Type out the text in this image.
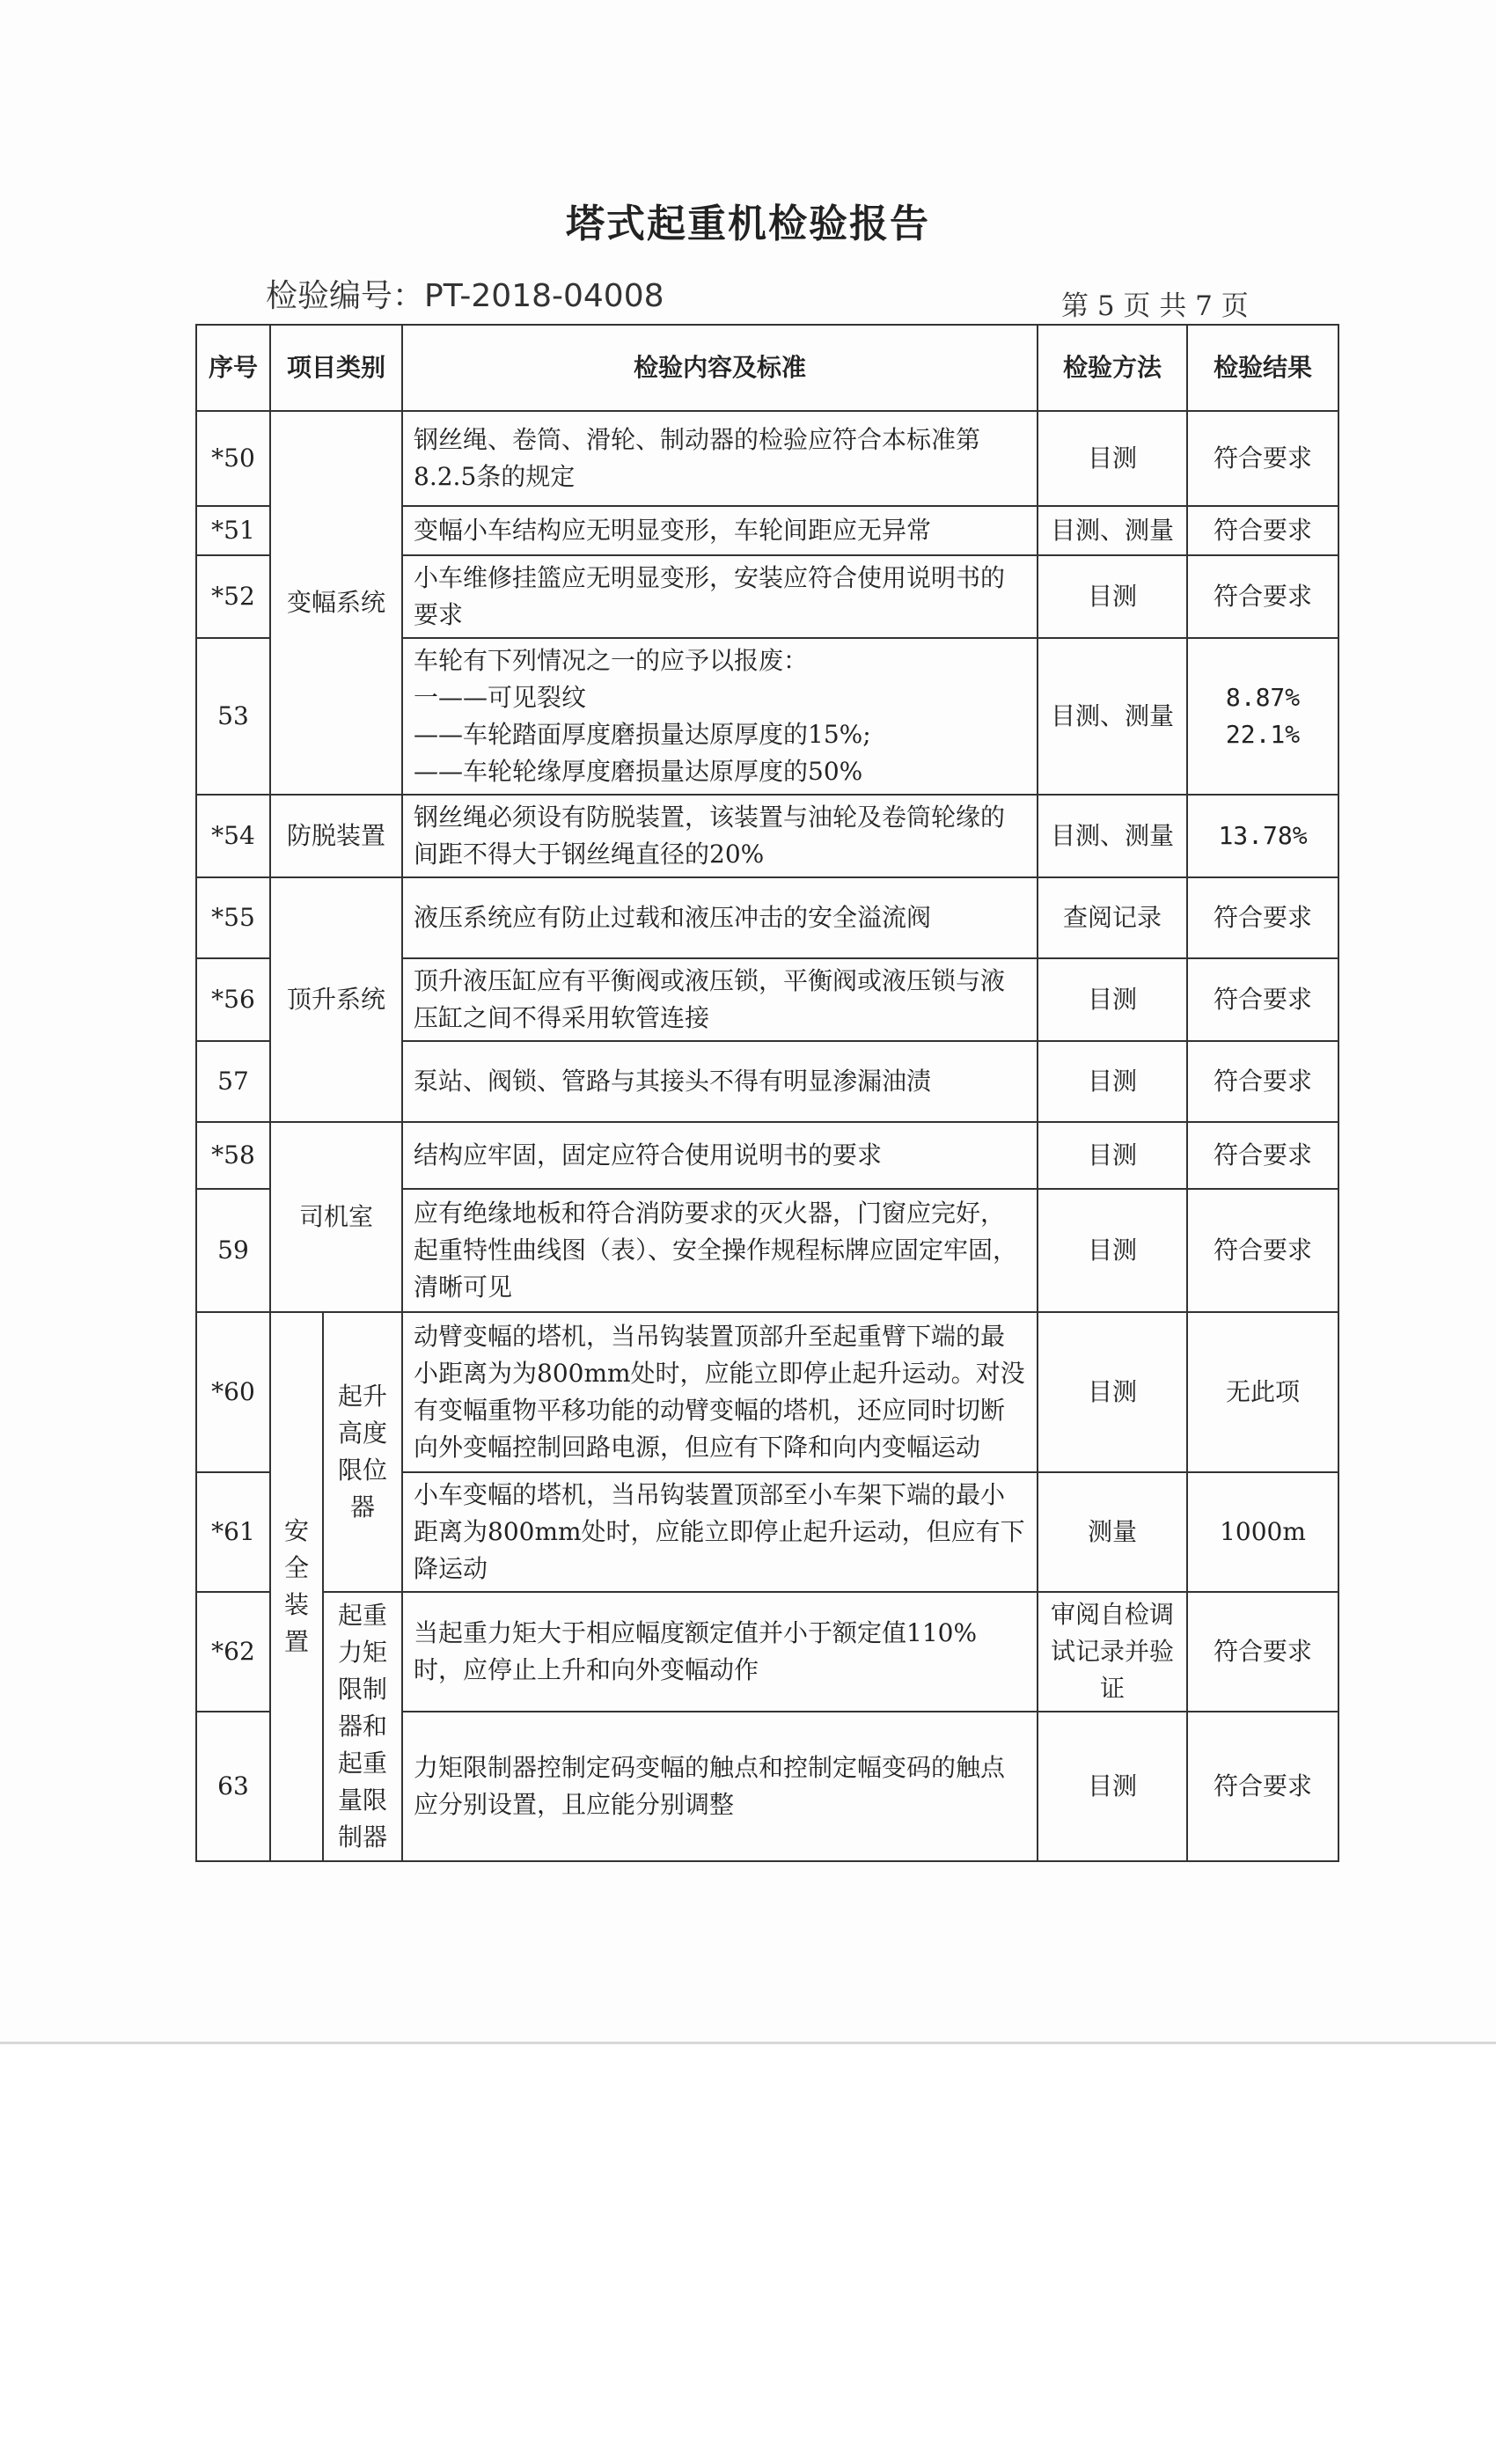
塔式起重机检验报告
检验编号：PT-2018-04008	第 5 页 共 7 页
序号	项目类别		检验内容及标准	检验方法	检验结果
*50	变幅系统		钢丝绳、卷筒、滑轮、制动器的检验应符合本标准第8.2.5条的规定	目测	符合要求
*51			变幅小车结构应无明显变形，车轮间距应无异常	目测、测量	符合要求
*52			小车维修挂篮应无明显变形，安装应符合使用说明书的要求	目测	符合要求
53			车轮有下列情况之一的应予以报废：
一——可见裂纹
——车轮踏面厚度磨损量达原厚度的15%;
——车轮轮缘厚度磨损量达原厚度的50%	目测、测量	8.87%
22.1%

*54	防脱装置		钢丝绳必须设有防脱装置，该装置与油轮及卷筒轮缘的间距不得大于钢丝绳直径的20%	目测、测量	13.78%
*55	顶升系统		液压系统应有防止过载和液压冲击的安全溢流阀	查阅记录	符合要求
*56			顶升液压缸应有平衡阀或液压锁，平衡阀或液压锁与液压缸之间不得采用软管连接	目测	符合要求
57			泵站、阀锁、管路与其接头不得有明显渗漏油渍	目测	符合要求
*58	司机室		结构应牢固，固定应符合使用说明书的要求	目测	符合要求
59			应有绝缘地板和符合消防要求的灭火器，门窗应完好，起重特性曲线图（表）、安全操作规程标牌应固定牢固，清晰可见	目测	符合要求
*60	安全装置	起升高度限位器	动臂变幅的塔机，当吊钩装置顶部升至起重臂下端的最小距离为为800mm处时，应能立即停止起升运动。对没有变幅重物平移功能的动臂变幅的塔机，还应同时切断向外变幅控制回路电源，但应有下降和向内变幅运动	目测	无此项
*61			小车变幅的塔机，当吊钩装置顶部至小车架下端的最小距离为800mm处时，应能立即停止起升运动，但应有下降运动	测量	1000m
*62		起重力矩限制器和起重量限制器	当起重力矩大于相应幅度额定值并小于额定值110%时，应停止上升和向外变幅动作	审阅自检调试记录并验证	符合要求
63			力矩限制器控制定码变幅的触点和控制定幅变码的触点应分别设置，且应能分别调整	目测	符合要求
